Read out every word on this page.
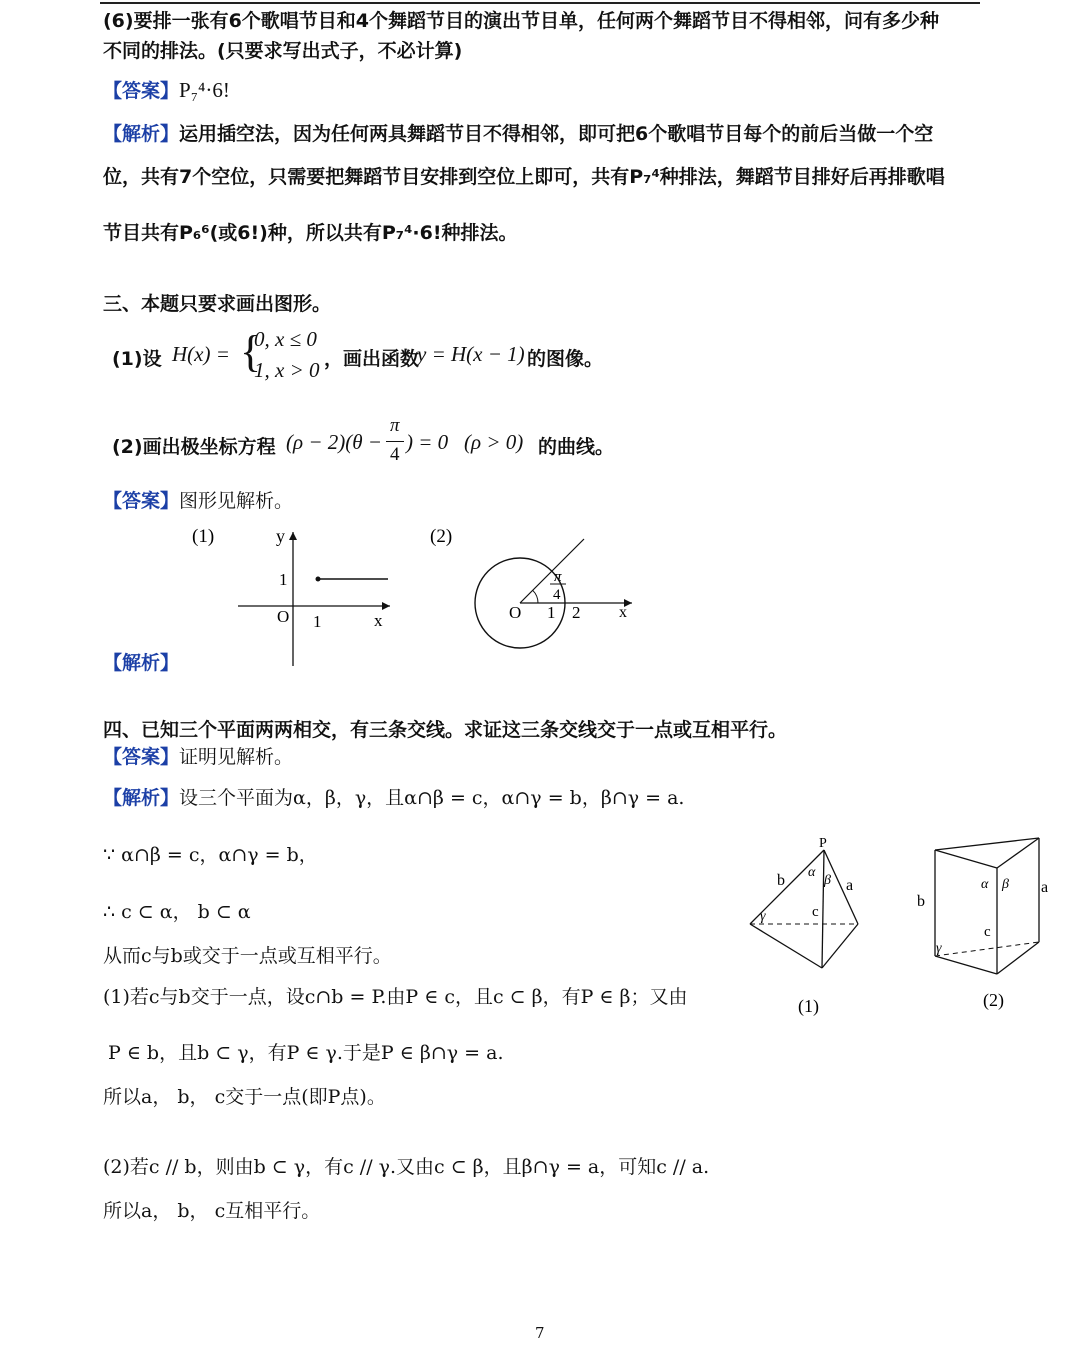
(6)要排一张有6个歌唱节目和4个舞蹈节目的演出节目单，任何两个舞蹈节目不得相邻，问有多少种
不同的排法。(只要求写出式子，不必计算)
【答案】P₇⁴·6!
【解析】运用插空法，因为任何两具舞蹈节目不得相邻，即可把6个歌唱节目每个的前后当做一个空
位，共有7个空位，只需要把舞蹈节目安排到空位上即可，共有P₇⁴种排法，舞蹈节目排好后再排歌唱
节目共有P₆⁶(或6!)种，所以共有P₇⁴·6!种排法。
三、本题只要求画出图形。
(1)设 H(x) = {
0, x ≤ 0
1, x > 0 ，画出函数
y = H(x − 1) 的图像。
(2)画出极坐标方程 (ρ − 2)(θ −
π
4
) = 0 (ρ > 0) 的曲线。
【答案】图形见解析。
(1)	y
x
1
1
O
(2)
O 1 2 x
π
4
【解析】
四、已知三个平面两两相交，有三条交线。求证这三条交线交于一点或互相平行。
【答案】证明见解析。
【解析】设三个平面为α，β，γ，且α∩β = c，α∩γ = b，β∩γ = a.
∵ α∩β = c，α∩γ = b，
∴ c ⊂ α， b ⊂ α
从而c与b或交于一点或互相平行。
(1)若c与b交于一点，设c∩b = P.由P ∈ c，且c ⊂ β，有P ∈ β；又由
P ∈ b，且b ⊂ γ，有P ∈ γ.于是P ∈ β∩γ = a.
所以a， b， c交于一点(即P点)。
(2)若c // b，则由b ⊂ γ，有c // γ.又由c ⊂ β，且β∩γ = a，可知c // a.
所以a， b， c互相平行。
P
b	a
c
α
β
γ
(1)
b
a
c
α β
γ
(2)
7
